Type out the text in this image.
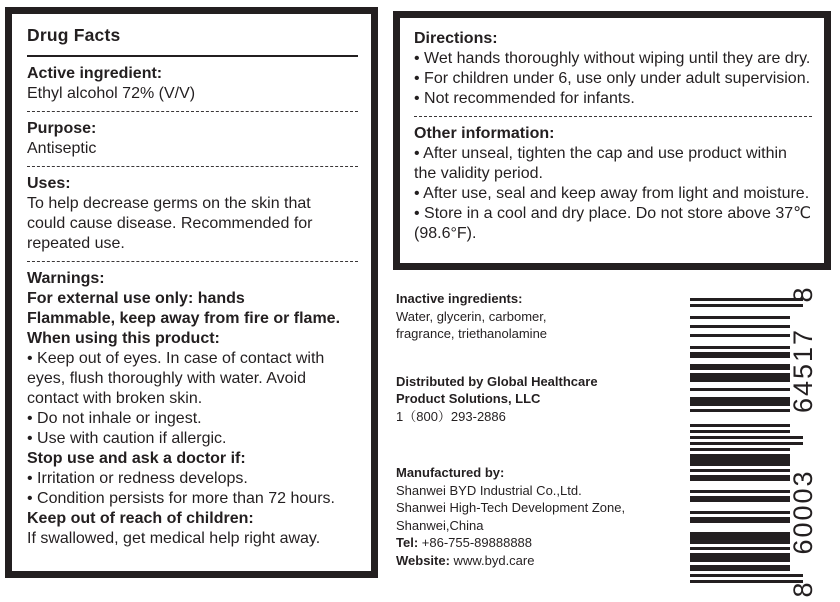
Drug Facts
Active ingredient:
Ethyl alcohol 72% (V/V)
Purpose:
Antiseptic
Uses:
To help decrease germs on the skin that
could cause disease. Recommended for
repeated use.
Warnings:
For external use only: hands
Flammable, keep away from fire or flame.
When using this product:
• Keep out of eyes. In case of contact with
eyes, flush thoroughly with water. Avoid
contact with broken skin.
• Do not inhale or ingest.
• Use with caution if allergic.
Stop use and ask a doctor if:
• Irritation or redness develops.
• Condition persists for more than 72 hours.
Keep out of reach of children:
If swallowed, get medical help right away.
Directions:
• Wet hands thoroughly without wiping until they are dry.
• For children under 6, use only under adult supervision.
• Not recommended for infants.
Other information:
• After unseal, tighten the cap and use product within
the validity period.
• After use, seal and keep away from light and moisture.
• Store in a cool and dry place. Do not store above 37℃
(98.6°F).
Inactive ingredients:
Water, glycerin, carbomer,
fragrance, triethanolamine
Distributed by Global Healthcare
Product Solutions, LLC
1（800）293-2886
Manufactured by:
Shanwei BYD Industrial Co.,Ltd.
Shanwei High-Tech Development Zone,
Shanwei,China
Tel: +86-755-89888888
Website: www.byd.care
8
60003
64517
8
